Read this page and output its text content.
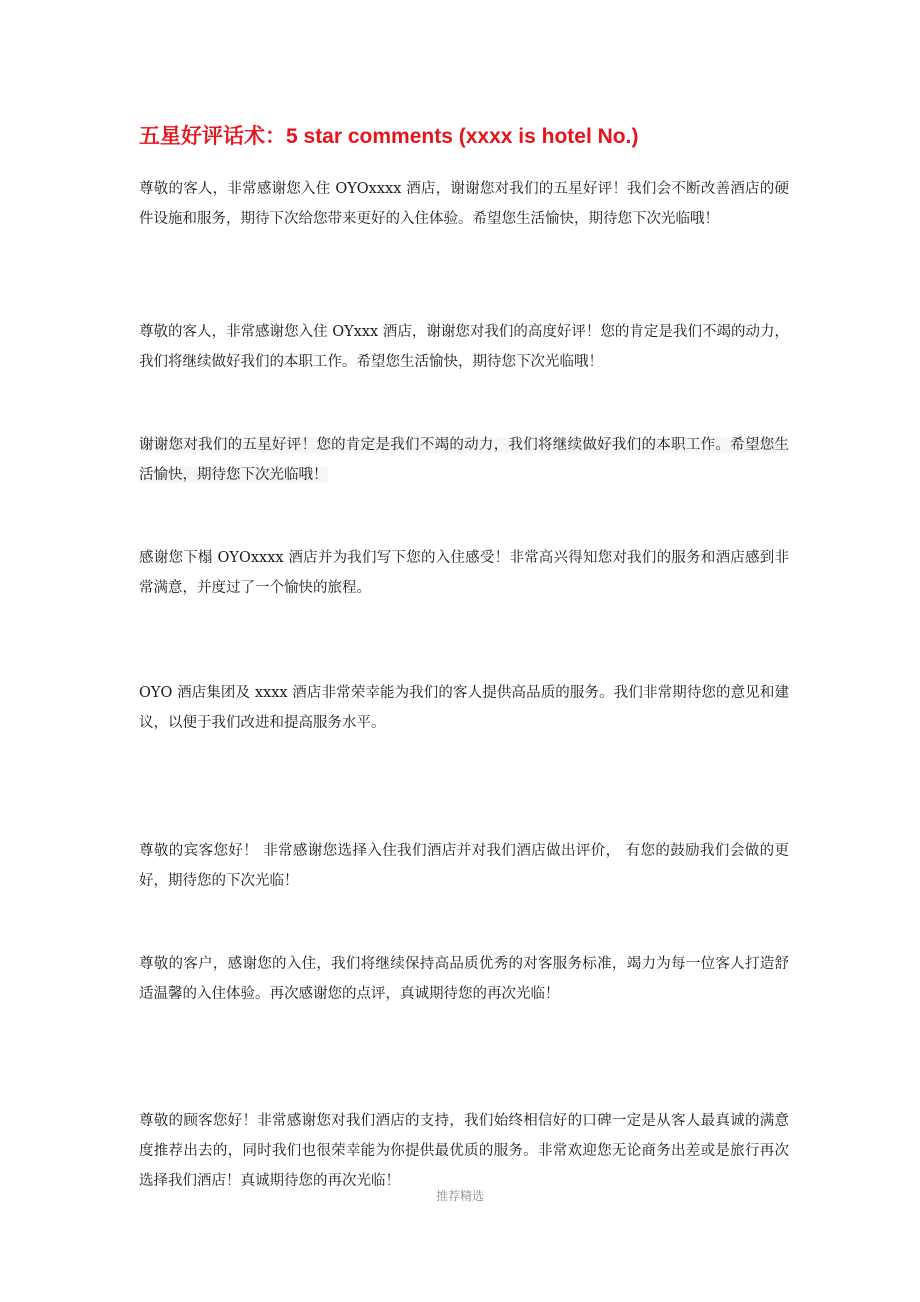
五星好评话术：5 star comments (xxxx is hotel No.)

尊敬的客人，非常感谢您入住 OYOxxxx 酒店，谢谢您对我们的五星好评！我们会不断改善酒店的硬件设施和服务，期待下次给您带来更好的入住体验。希望您生活愉快，期待您下次光临哦！

尊敬的客人，非常感谢您入住 OYxxx 酒店，谢谢您对我们的高度好评！您的肯定是我们不竭的动力，我们将继续做好我们的本职工作。希望您生活愉快，期待您下次光临哦！

谢谢您对我们的五星好评！您的肯定是我们不竭的动力，我们将继续做好我们的本职工作。希望您生活愉快，期待您下次光临哦！

感谢您下榻 OYOxxxx 酒店并为我们写下您的入住感受！非常高兴得知您对我们的服务和酒店感到非常满意，并度过了一个愉快的旅程。

OYO 酒店集团及 xxxx 酒店非常荣幸能为我们的客人提供高品质的服务。我们非常期待您的意见和建议，以便于我们改进和提高服务水平。

尊敬的宾客您好！ 非常感谢您选择入住我们酒店并对我们酒店做出评价， 有您的鼓励我们会做的更好，期待您的下次光临！

尊敬的客户，感谢您的入住，我们将继续保持高品质优秀的对客服务标准，竭力为每一位客人打造舒适温馨的入住体验。再次感谢您的点评，真诚期待您的再次光临！

尊敬的顾客您好！非常感谢您对我们酒店的支持，我们始终相信好的口碑一定是从客人最真诚的满意度推荐出去的，同时我们也很荣幸能为你提供最优质的服务。非常欢迎您无论商务出差或是旅行再次选择我们酒店！真诚期待您的再次光临！

推荐精选
